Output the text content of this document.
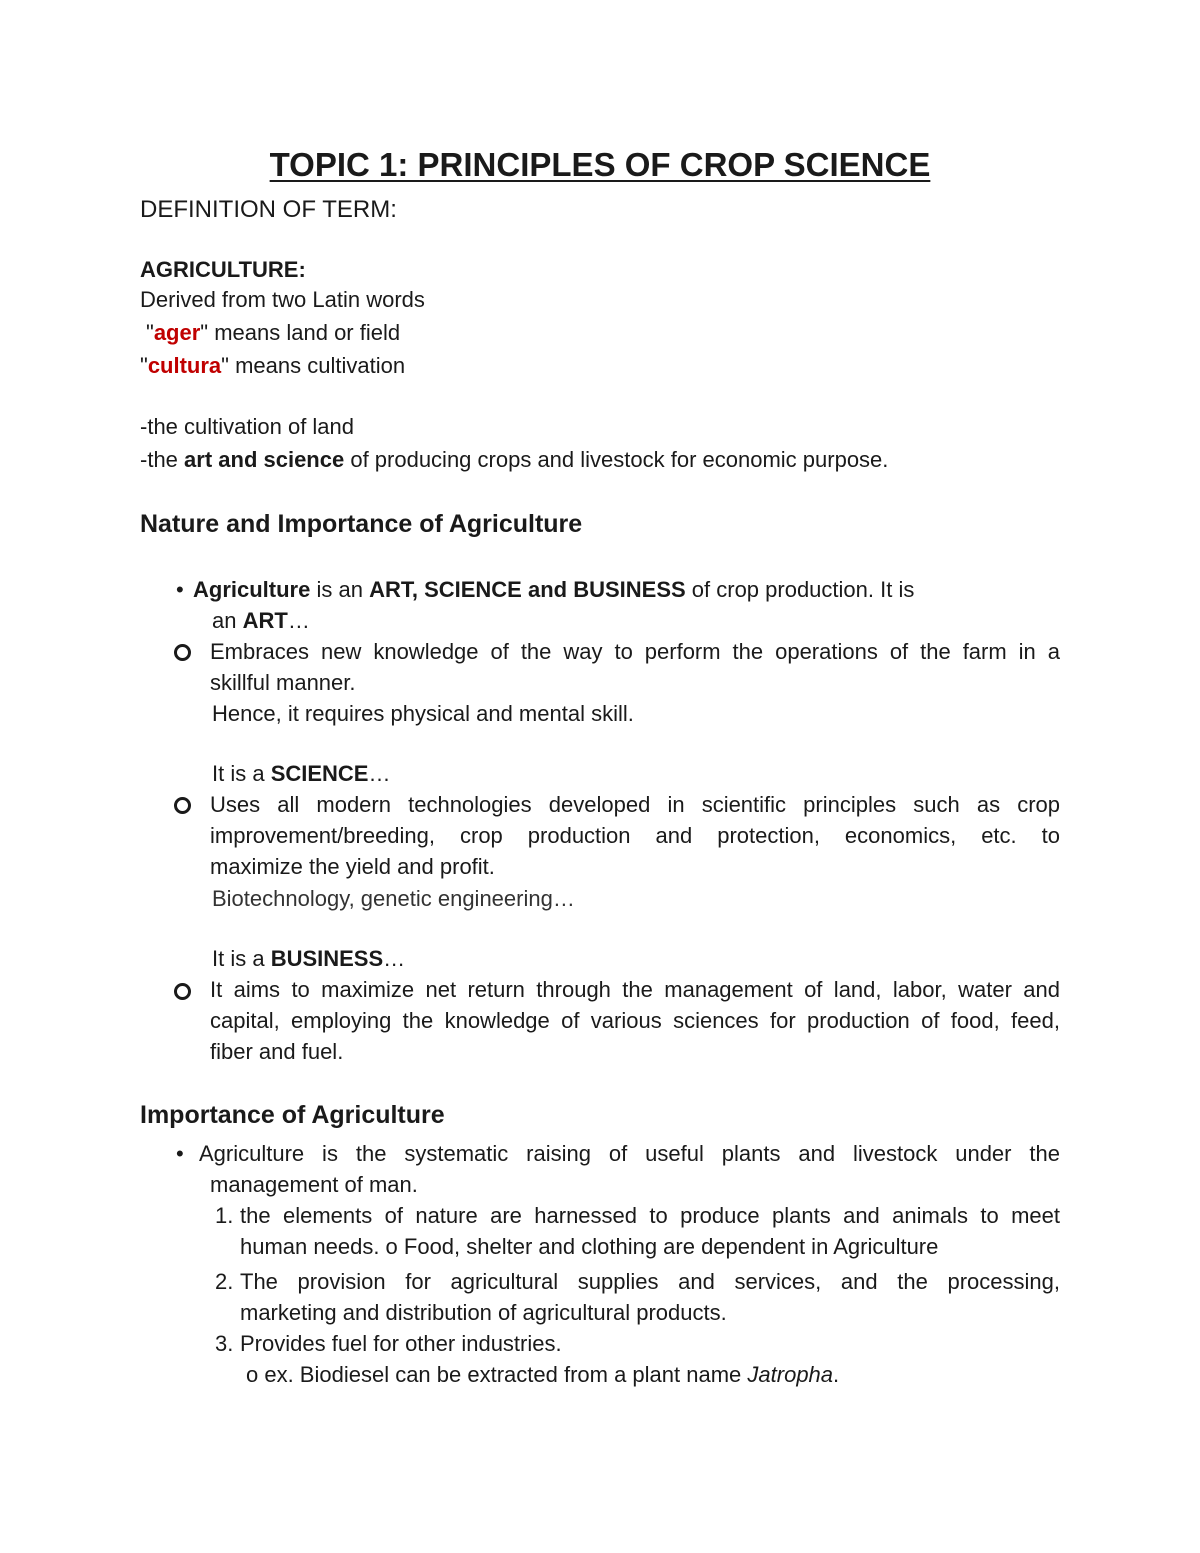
TOPIC 1: PRINCIPLES OF CROP SCIENCE
DEFINITION OF TERM:
AGRICULTURE:
Derived from two Latin words
"ager" means land or field
"cultura" means cultivation
-the cultivation of land
-the art and science of producing crops and livestock for economic purpose.
Nature and Importance of Agriculture
• Agriculture is an ART, SCIENCE and BUSINESS of crop production. It is
an ART…
Embraces new knowledge of the way to perform the operations of the farm in a
skillful manner.
Hence, it requires physical and mental skill.
It is a SCIENCE…
Uses all modern technologies developed in scientific principles such as crop
improvement/breeding, crop production and protection, economics, etc. to
maximize the yield and profit.
Biotechnology, genetic engineering…
It is a BUSINESS…
It aims to maximize net return through the management of land, labor, water and
capital, employing the knowledge of various sciences for production of food, feed,
fiber and fuel.
Importance of Agriculture
• Agriculture is the systematic raising of useful plants and livestock under the
management of man.
1. the elements of nature are harnessed to produce plants and animals to meet
human needs. o Food, shelter and clothing are dependent in Agriculture
2. The provision for agricultural supplies and services, and the processing,
marketing and distribution of agricultural products.
3. Provides fuel for other industries.
o ex. Biodiesel can be extracted from a plant name Jatropha.
